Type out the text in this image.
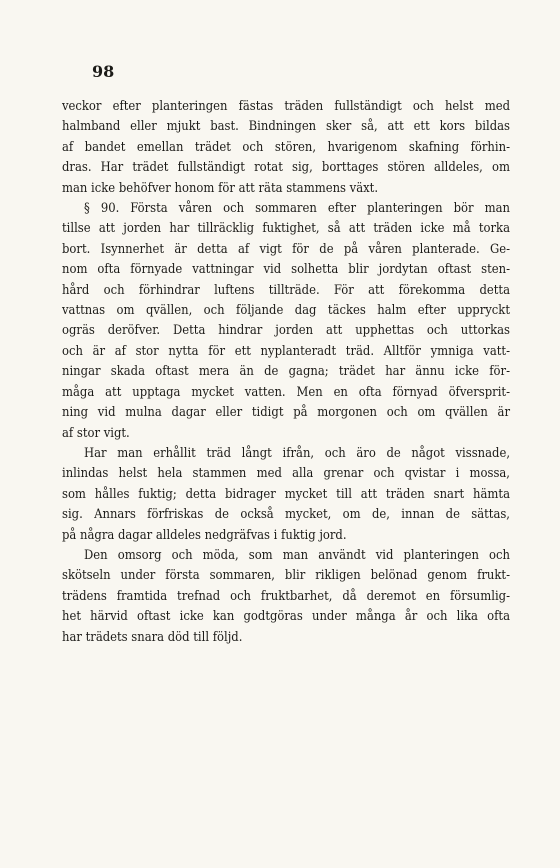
98
veckor efter planteringen fästas träden fullständigt och helst med
halmband eller mjukt bast. Bindningen sker så, att ett kors bildas
af bandet emellan trädet och stören, hvarigenom skafning förhin-
dras. Har trädet fullständigt rotat sig, borttages stören alldeles, om
man icke behöfver honom för att räta stammens växt.
§ 90. Första våren och sommaren efter planteringen bör man
tillse att jorden har tillräcklig fuktighet, så att träden icke må torka
bort. Isynnerhet är detta af vigt för de på våren planterade. Ge-
nom ofta förnyade vattningar vid solhetta blir jordytan oftast sten-
hård och förhindrar luftens tillträde. För att förekomma detta
vattnas om qvällen, och följande dag täckes halm efter uppryckt
ogräs deröfver. Detta hindrar jorden att upphettas och uttorkas
och är af stor nytta för ett nyplanteradt träd. Alltför ymniga vatt-
ningar skada oftast mera än de gagna; trädet har ännu icke för-
måga att upptaga mycket vatten. Men en ofta förnyad öfversprit-
ning vid mulna dagar eller tidigt på morgonen och om qvällen är
af stor vigt.
Har man erhållit träd långt ifrån, och äro de något vissnade,
inlindas helst hela stammen med alla grenar och qvistar i mossa,
som hålles fuktig; detta bidrager mycket till att träden snart hämta
sig. Annars förfriskas de också mycket, om de, innan de sättas,
på några dagar alldeles nedgräfvas i fuktig jord.
Den omsorg och möda, som man användt vid planteringen och
skötseln under första sommaren, blir rikligen belönad genom frukt-
trädens framtida trefnad och fruktbarhet, då deremot en försumlig-
het härvid oftast icke kan godtgöras under många år och lika ofta
har trädets snara död till följd.
